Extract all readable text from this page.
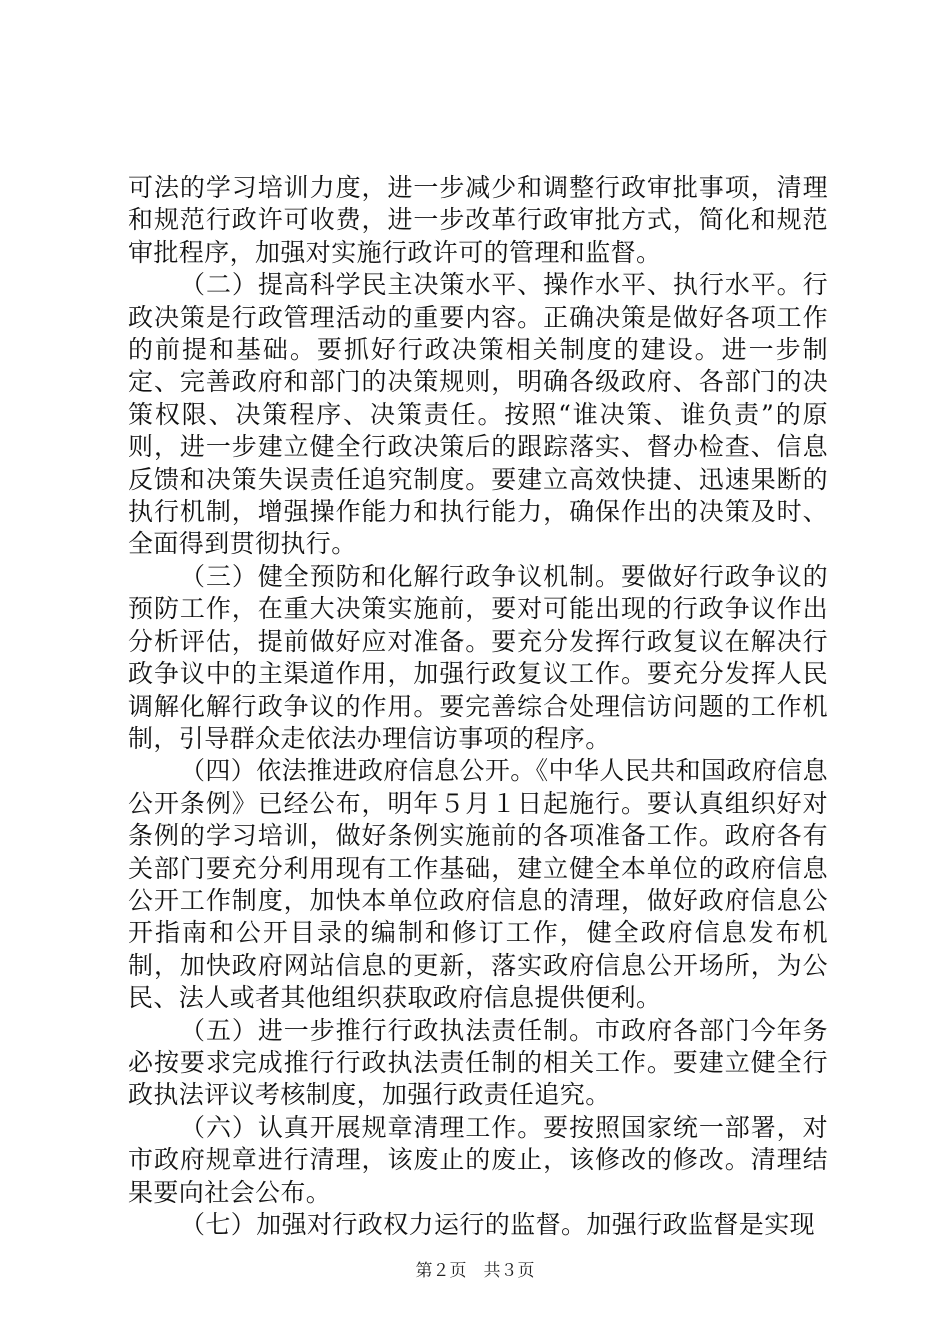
可法的学习培训力度，进一步减少和调整行政审批事项，清理和规范行政许可收费，进一步改革行政审批方式，简化和规范审批程序，加强对实施行政许可的管理和监督。

（二）提高科学民主决策水平、操作水平、执行水平。行政决策是行政管理活动的重要内容。正确决策是做好各项工作的前提和基础。要抓好行政决策相关制度的建设。进一步制定、完善政府和部门的决策规则，明确各级政府、各部门的决策权限、决策程序、决策责任。按照“谁决策、谁负责”的原则，进一步建立健全行政决策后的跟踪落实、督办检查、信息反馈和决策失误责任追究制度。要建立高效快捷、迅速果断的执行机制，增强操作能力和执行能力，确保作出的决策及时、全面得到贯彻执行。

（三）健全预防和化解行政争议机制。要做好行政争议的预防工作，在重大决策实施前，要对可能出现的行政争议作出分析评估，提前做好应对准备。要充分发挥行政复议在解决行政争议中的主渠道作用，加强行政复议工作。要充分发挥人民调解化解行政争议的作用。要完善综合处理信访问题的工作机制，引导群众走依法办理信访事项的程序。

（四）依法推进政府信息公开。《中华人民共和国政府信息公开条例》已经公布，明年５月１日起施行。要认真组织好对条例的学习培训，做好条例实施前的各项准备工作。政府各有关部门要充分利用现有工作基础，建立健全本单位的政府信息公开工作制度，加快本单位政府信息的清理，做好政府信息公开指南和公开目录的编制和修订工作，健全政府信息发布机制，加快政府网站信息的更新，落实政府信息公开场所，为公民、法人或者其他组织获取政府信息提供便利。

（五）进一步推行行政执法责任制。市政府各部门今年务必按要求完成推行行政执法责任制的相关工作。要建立健全行政执法评议考核制度，加强行政责任追究。

（六）认真开展规章清理工作。要按照国家统一部署，对市政府规章进行清理，该废止的废止，该修改的修改。清理结果要向社会公布。

（七）加强对行政权力运行的监督。加强行政监督是实现

第２页　共３页
